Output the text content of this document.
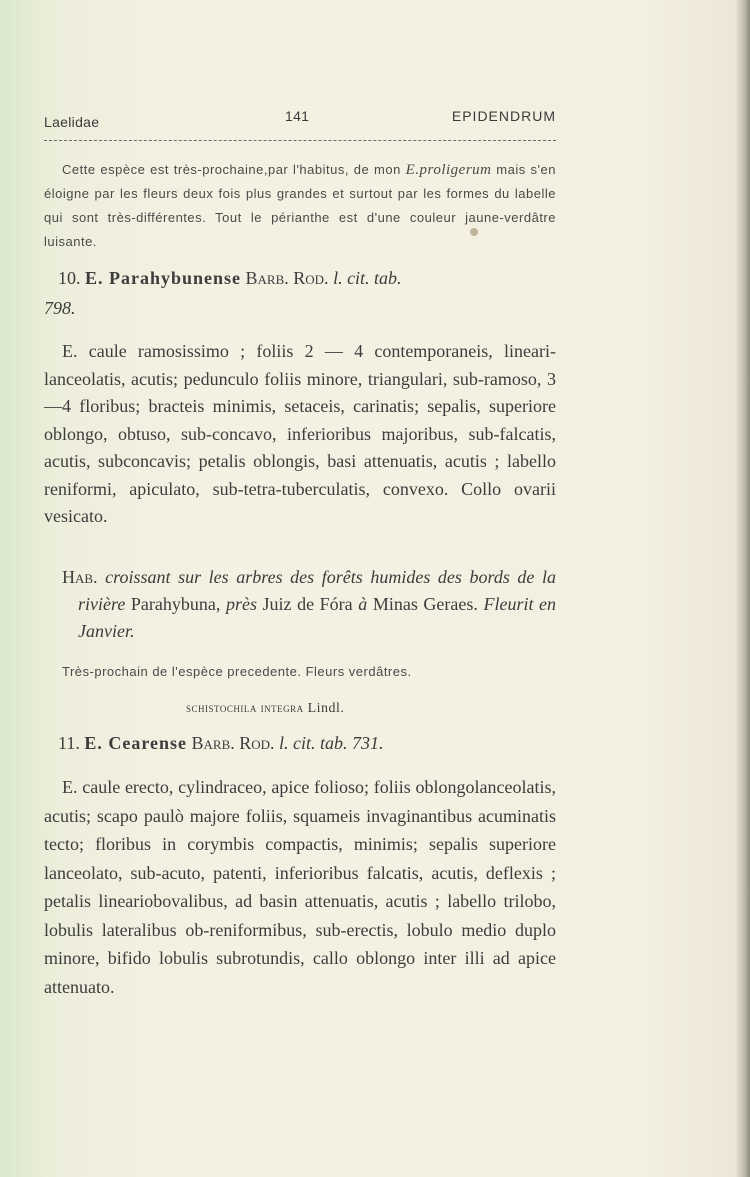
Laelidae	141	EPIDENDRUM
Cette espèce est très-prochaine,par l'habitus, de mon E.proligerum mais s'en éloigne par les fleurs deux fois plus grandes et surtout par les formes du labelle qui sont très-différentes. Tout le périanthe est d'une couleur jaune-verdâtre luisante.
10. E. Parahybunense Barb. Rod. l. cit. tab.
798.
E. caule ramosissimo ; foliis 2 — 4 contemporaneis, lineari-lanceolatis, acutis; pedunculo foliis minore, triangulari, sub-ramoso, 3—4 floribus; bracteis minimis, setaceis, carinatis; sepalis, superiore oblongo, obtuso, sub-concavo, inferioribus majoribus, sub-falcatis, acutis, subconcavis; petalis oblongis, basi attenuatis, acutis ; labello reniformi, apiculato, sub-tetra-tuberculatis, convexo. Collo ovarii vesicato.
Hab. croissant sur les arbres des forêts humides des bords de la rivière Parahybuna, près Juiz de Fóra à Minas Geraes. Fleurit en Janvier.
Très-prochain de l'espèce precedente. Fleurs verdâtres.
schistochila integra Lindl.
11. E. Cearense Barb. Rod. l. cit. tab. 731.
E. caule erecto, cylindraceo, apice folioso; foliis oblongolanceolatis, acutis; scapo paulò majore foliis, squameis invaginantibus acuminatis tecto; floribus in corymbis compactis, minimis; sepalis superiore lanceolato, sub-acuto, patenti, inferioribus falcatis, acutis, deflexis ; petalis lineariobovalibus, ad basin attenuatis, acutis ; labello trilobo, lobulis lateralibus ob-reniformibus, sub-erectis, lobulo medio duplo minore, bifido lobulis subrotundis, callo oblongo inter illi ad apice attenuato.
